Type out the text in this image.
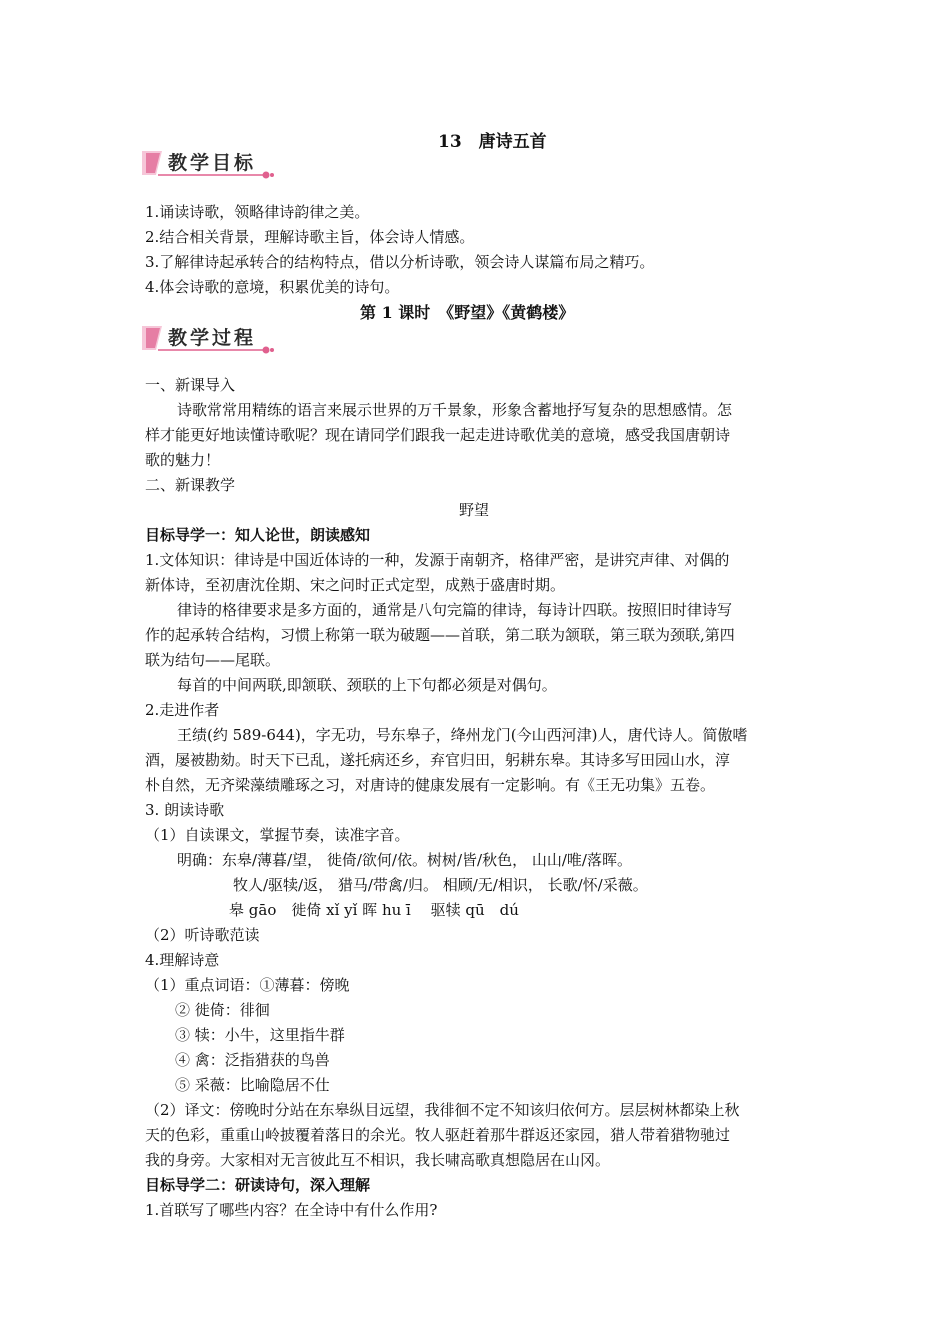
13　唐诗五首
教学目标
1.诵读诗歌，领略律诗韵律之美。
2.结合相关背景，理解诗歌主旨，体会诗人情感。
3.了解律诗起承转合的结构特点，借以分析诗歌，领会诗人谋篇布局之精巧。
4.体会诗歌的意境，积累优美的诗句。
第 1 课时　《野望》《黄鹤楼》
教学过程
一、新课导入
诗歌常常用精练的语言来展示世界的万千景象，形象含蓄地抒写复杂的思想感情。怎
样才能更好地读懂诗歌呢？现在请同学们跟我一起走进诗歌优美的意境，感受我国唐朝诗
歌的魅力！
二、新课教学
野望
目标导学一：知人论世，朗读感知
1.文体知识：律诗是中国近体诗的一种，发源于南朝齐，格律严密，是讲究声律、对偶的
新体诗，至初唐沈佺期、宋之问时正式定型，成熟于盛唐时期。
律诗的格律要求是多方面的，通常是八句完篇的律诗，每诗计四联。按照旧时律诗写
作的起承转合结构，习惯上称第一联为破题——首联，第二联为颔联，第三联为颈联,第四
联为结句——尾联。
每首的中间两联,即颔联、颈联的上下句都必须是对偶句。
2.走进作者
王绩(约 589-644)，字无功，号东皋子，绛州龙门(今山西河津)人，唐代诗人。简傲嗜
酒，屡被勘劾。时天下已乱，遂托病还乡，弃官归田，躬耕东皋。其诗多写田园山水，淳
朴自然，无齐梁藻绩雕琢之习，对唐诗的健康发展有一定影响。有《王无功集》五卷。
3. 朗读诗歌
（1）自读课文，掌握节奏，读准字音。
明确：东皋/薄暮/望， 徙倚/欲何/依。树树/皆/秋色， 山山/唯/落晖。
牧人/驱犊/返， 猎马/带禽/归。 相顾/无/相识， 长歌/怀/采薇。
皋 gāo　徙倚 xǐ yǐ 晖 hu ī　 驱犊 qū　dú
（2）听诗歌范读
4.理解诗意
（1）重点词语：①薄暮：傍晚
② 徙倚：徘徊
③ 犊：小牛，这里指牛群
④ 禽：泛指猎获的鸟兽
⑤ 采薇：比喻隐居不仕
（2）译文：傍晚时分站在东皋纵目远望，我徘徊不定不知该归依何方。层层树林都染上秋
天的色彩，重重山岭披覆着落日的余光。牧人驱赶着那牛群返还家园，猎人带着猎物驰过
我的身旁。大家相对无言彼此互不相识，我长啸高歌真想隐居在山冈。
目标导学二：研读诗句，深入理解
1.首联写了哪些内容？在全诗中有什么作用?
